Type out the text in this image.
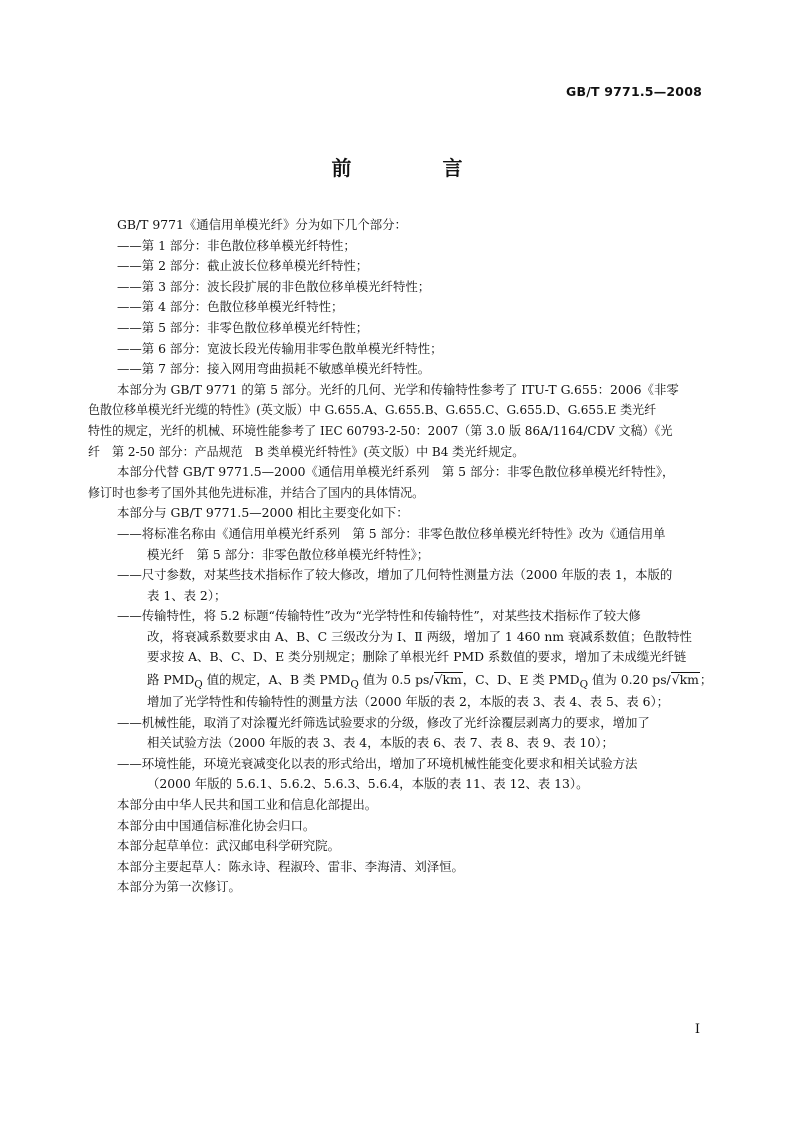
GB/T 9771.5—2008
前 言
GB/T 9771《通信用单模光纤》分为如下几个部分：
——第 1 部分：非色散位移单模光纤特性；
——第 2 部分：截止波长位移单模光纤特性；
——第 3 部分：波长段扩展的非色散位移单模光纤特性；
——第 4 部分：色散位移单模光纤特性；
——第 5 部分：非零色散位移单模光纤特性；
——第 6 部分：宽波长段光传输用非零色散单模光纤特性；
——第 7 部分：接入网用弯曲损耗不敏感单模光纤特性。
本部分为 GB/T 9771 的第 5 部分。光纤的几何、光学和传输特性参考了 ITU-T G.655：2006《非零
色散位移单模光纤光缆的特性》(英文版）中 G.655.A、G.655.B、G.655.C、G.655.D、G.655.E 类光纤
特性的规定，光纤的机械、环境性能参考了 IEC 60793-2-50：2007（第 3.0 版 86A/1164/CDV 文稿）《光
纤　第 2-50 部分：产品规范　B 类单模光纤特性》(英文版）中 B4 类光纤规定。
本部分代替 GB/T 9771.5—2000《通信用单模光纤系列　第 5 部分：非零色散位移单模光纤特性》，
修订时也参考了国外其他先进标准，并结合了国内的具体情况。
本部分与 GB/T 9771.5—2000 相比主要变化如下：
——将标准名称由《通信用单模光纤系列　第 5 部分：非零色散位移单模光纤特性》改为《通信用单
模光纤　第 5 部分：非零色散位移单模光纤特性》；
——尺寸参数，对某些技术指标作了较大修改，增加了几何特性测量方法（2000 年版的表 1，本版的
表 1、表 2）；
——传输特性，将 5.2 标题“传输特性”改为“光学特性和传输特性”，对某些技术指标作了较大修
改，将衰减系数要求由 A、B、C 三级改分为 Ⅰ、Ⅱ 两级，增加了 1 460 nm 衰减系数值；色散特性
要求按 A、B、C、D、E 类分别规定；删除了单根光纤 PMD 系数值的要求，增加了未成缆光纤链
路 $PMD_Q$ 值的规定，A、B 类 $PMD_Q$ 值为 0.5 ps/√km，C、D、E 类 $PMD_Q$ 值为 0.20 ps/√km；
增加了光学特性和传输特性的测量方法（2000 年版的表 2，本版的表 3、表 4、表 5、表 6）；
——机械性能，取消了对涂覆光纤筛选试验要求的分级，修改了光纤涂覆层剥离力的要求，增加了
相关试验方法（2000 年版的表 3、表 4，本版的表 6、表 7、表 8、表 9、表 10）；
——环境性能，环境光衰减变化以表的形式给出，增加了环境机械性能变化要求和相关试验方法
（2000 年版的 5.6.1、5.6.2、5.6.3、5.6.4，本版的表 11、表 12、表 13）。
本部分由中华人民共和国工业和信息化部提出。
本部分由中国通信标准化协会归口。
本部分起草单位：武汉邮电科学研究院。
本部分主要起草人：陈永诗、程淑玲、雷非、李海清、刘泽恒。
本部分为第一次修订。
I
